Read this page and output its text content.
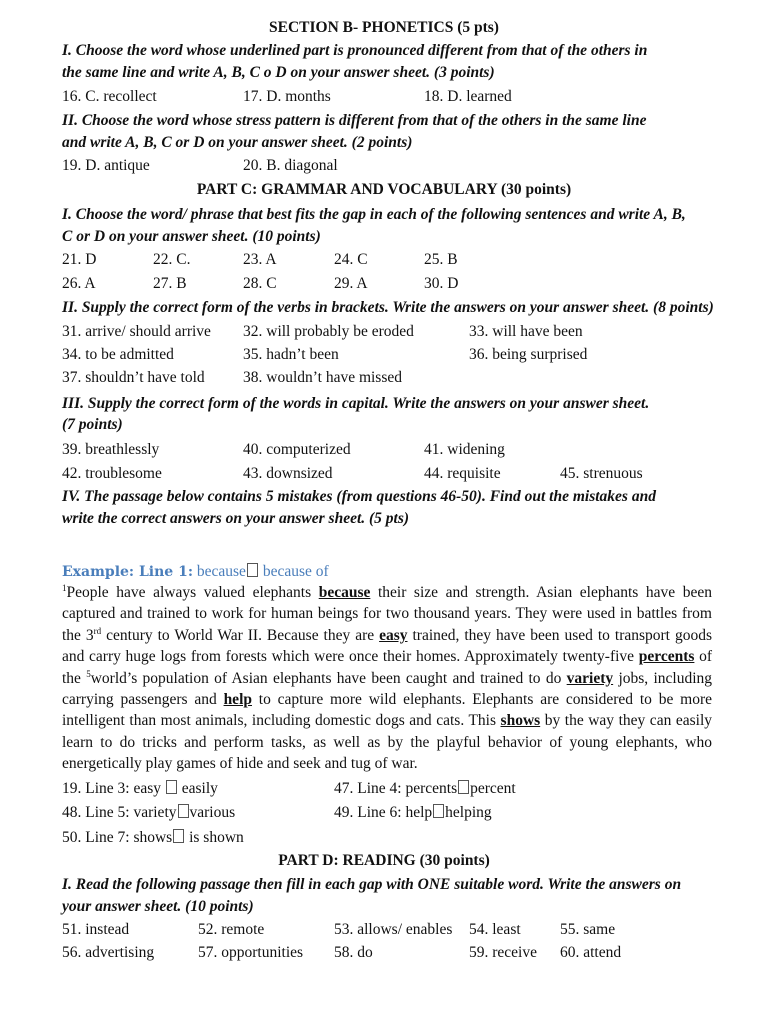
SECTION B- PHONETICS (5 pts)
I. Choose the word whose underlined part is pronounced different from that of the others in
the same line and write A, B, C o D on your answer sheet. (3 points)
16. C. recollect	17. D. months	18. D. learned
II. Choose the word whose stress pattern is different from that of the others in the same line
and write A, B, C or D on your answer sheet. (2 points)
19. D. antique	20. B. diagonal
PART C: GRAMMAR AND VOCABULARY (30 points)
I. Choose the word/ phrase that best fits the gap in each of the following sentences and write A, B,
C or D on your answer sheet. (10 points)
21. D	22. C.	23. A	24. C	25. B
26. A	27. B	28. C	29. A	30. D
II. Supply the correct form of the verbs in brackets. Write the answers on your answer sheet. (8 points)
31. arrive/ should arrive 32. will probably be eroded	33. will have been
34. to be admitted	35. hadn’t been	36. being surprised
37. shouldn’t have told 38. wouldn’t have missed
III. Supply the correct form of the words in capital. Write the answers on your answer sheet.
(7 points)
39. breathlessly	40. computerized	41. widening
42. troublesome	43. downsized	44. requisite	45. strenuous
IV. The passage below contains 5 mistakes (from questions 46-50). Find out the mistakes and
write the correct answers on your answer sheet. (5 pts)
Example: Line 1: because because of
$^1$People have always valued elephants because their size and strength. Asian elephants have been captured and trained to work for human beings for two thousand years. They were used in battles from the 3rd century to World War II. Because they are easy trained, they have been used to transport goods and carry huge logs from forests which were once their homes. Approximately twenty-five percents of the $^5$world’s population of Asian elephants have been caught and trained to do variety jobs, including carrying passengers and help to capture more wild elephants. Elephants are considered to be more intelligent than most animals, including domestic dogs and cats. This shows by the way they can easily learn to do tricks and perform tasks, as well as by the playful behavior of young elephants, who energetically play games of hide and seek and tug of war.
19. Line 3: easy  easily	47. Line 4: percents percent
48. Line 5: variety various	49. Line 6: help helping
50. Line 7: shows is shown
PART D: READING (30 points)
I. Read the following passage then fill in each gap with ONE suitable word. Write the answers on
your answer sheet. (10 points)
51. instead	52. remote	53. allows/ enables 54. least	55. same
56. advertising	57. opportunities 58. do	59. receive 60. attend
